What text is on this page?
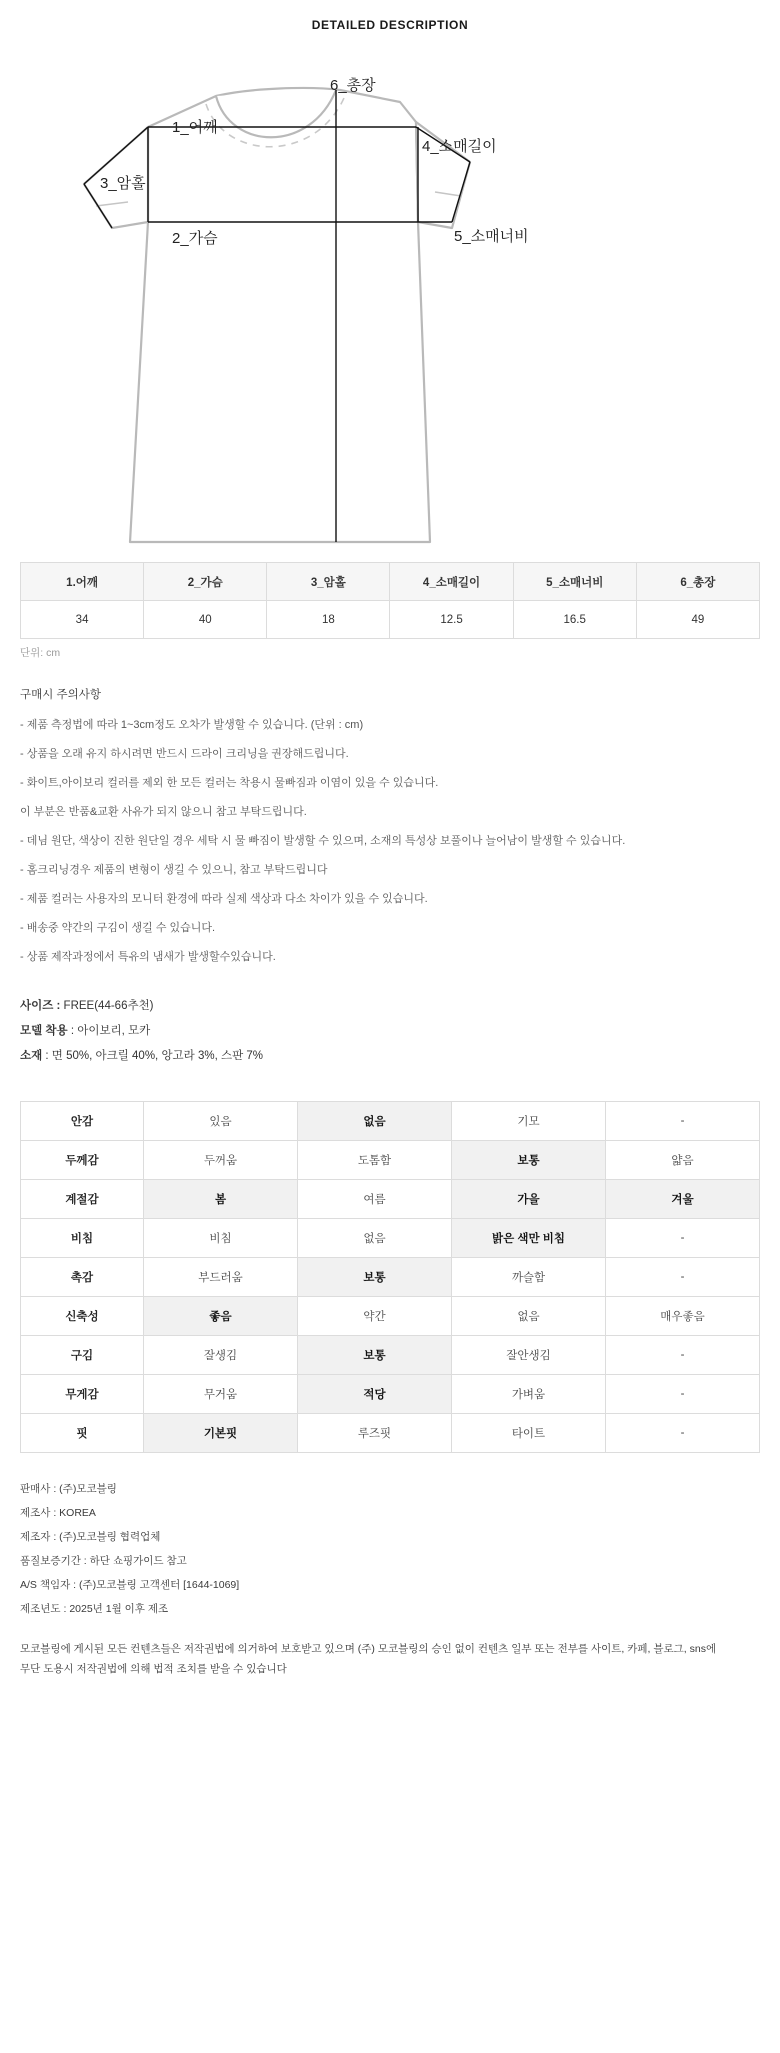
DETAILED DESCRIPTION
1_어깨
2_가슴
3_암홀
4_소매길이
5_소매너비
6_총장
1.어깨	2_가슴	3_암홀	4_소매길이	5_소매너비	6_총장
34	40	18	12.5	16.5	49
단위: cm
구매시 주의사항

- 제품 측정법에 따라 1~3cm정도 오차가 발생할 수 있습니다. (단위 : cm)

- 상품을 오래 유지 하시려면 반드시 드라이 크리닝을 권장해드립니다.

- 화이트,아이보리 컬러를 제외 한 모든 컬러는 착용시 물빠짐과 이염이 있을 수 있습니다.

이 부분은 반품&교환 사유가 되지 않으니 참고 부탁드립니다.

- 데님 원단, 색상이 진한 원단일 경우 세탁 시 물 빠짐이 발생할 수 있으며, 소재의 특성상 보풀이나 늘어남이 발생할 수 있습니다.

- 홈크리닝경우 제품의 변형이 생길 수 있으니, 참고 부탁드립니다

- 제품 컬러는 사용자의 모니터 환경에 따라 실제 색상과 다소 차이가 있을 수 있습니다.

- 배송중 약간의 구김이 생길 수 있습니다.

- 상품 제작과정에서 특유의 냄새가 발생할수있습니다.

사이즈 : FREE(44-66추천)

모델 착용 : 아이보리, 모카

소재 : 면 50%, 아크릴 40%, 앙고라 3%, 스판 7%

안감	있음	없음	기모	-
두께감	두꺼움	도톰함	보통	얇음
계절감	봄	여름	가을	겨울
비침	비침	없음	밝은 색만 비침	-
촉감	부드러움	보통	까슬함	-
신축성	좋음	약간	없음	매우좋음
구김	잘생김	보통	잘안생김	-
무게감	무거움	적당	가벼움	-
핏	기본핏	루즈핏	타이트	-

판매사 : (주)모코블링

제조사 : KOREA

제조자 : (주)모코블링 협력업체

품질보증기간 : 하단 쇼핑가이드 참고

A/S 책임자 : (주)모코블링 고객센터 [1644-1069]

제조년도 : 2025년 1월 이후 제조

모코블링에 게시된 모든 컨텐츠들은 저작권법에 의거하여 보호받고 있으며 (주) 모코블링의 승인 없이 컨텐츠 일부 또는 전부를 사이트, 카페, 블로그, sns에

무단 도용시 저작권법에 의해 법적 조치를 받을 수 있습니다
